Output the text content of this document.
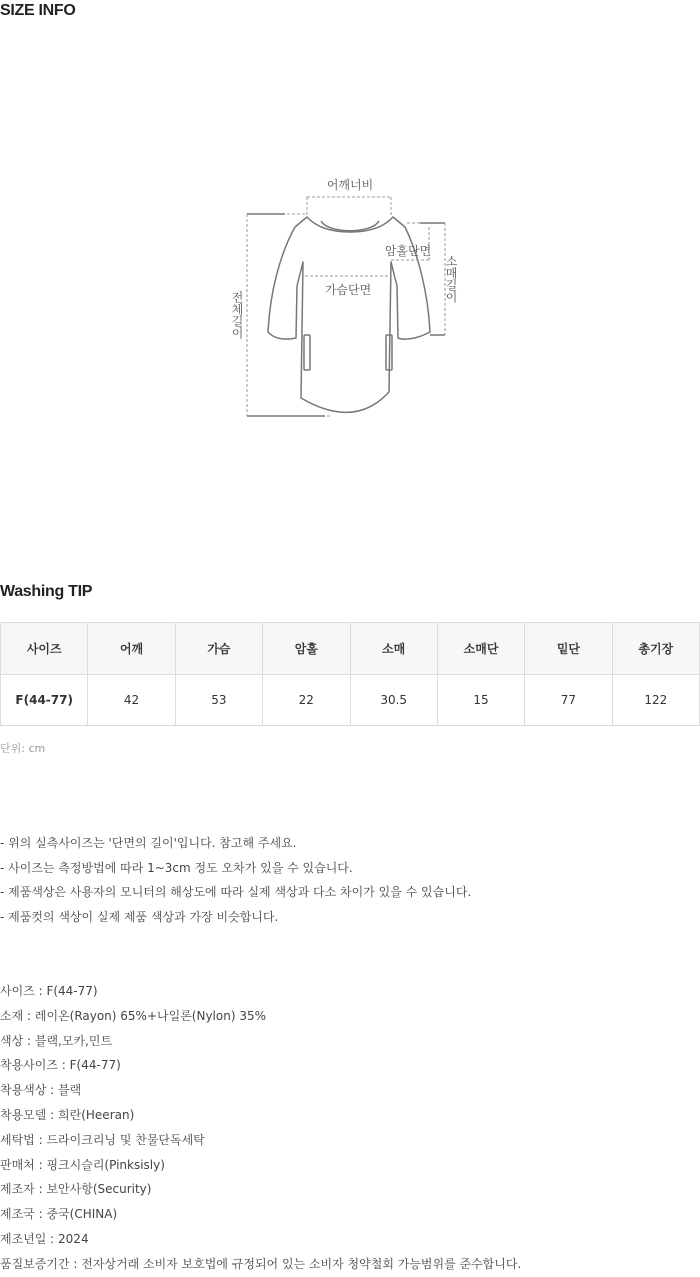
SIZE INFO
어깨너비
암홀단면
가슴단면	소매길이
전체길이
Washing TIP
사이즈	어깨	가슴	암홀	소매	소매단	밑단	총기장
F(44-77)	42	53	22	30.5	15	77	122
단위: cm
- 위의 실측사이즈는 '단면의 길이'입니다. 참고해 주세요.
- 사이즈는 측정방법에 따라 1~3cm 정도 오차가 있을 수 있습니다.
- 제품색상은 사용자의 모니터의 해상도에 따라 실제 색상과 다소 차이가 있을 수 있습니다.
- 제품컷의 색상이 실제 제품 색상과 가장 비슷합니다.
사이즈 : F(44-77)
소재 : 레이온(Rayon) 65%+나일론(Nylon) 35%
색상 : 블랙,모카,민트
착용사이즈 : F(44-77)
착용색상 : 블랙
착용모델 : 희란(Heeran)
세탁법 : 드라이크리닝 및 찬물단독세탁
판매처 : 핑크시슬리(Pinksisly)
제조자 : 보안사항(Security)
제조국 : 중국(CHINA)
제조년일 : 2024
품질보증기간 : 전자상거래 소비자 보호법에 규정되어 있는 소비자 청약철회 가능범위를 준수합니다.
